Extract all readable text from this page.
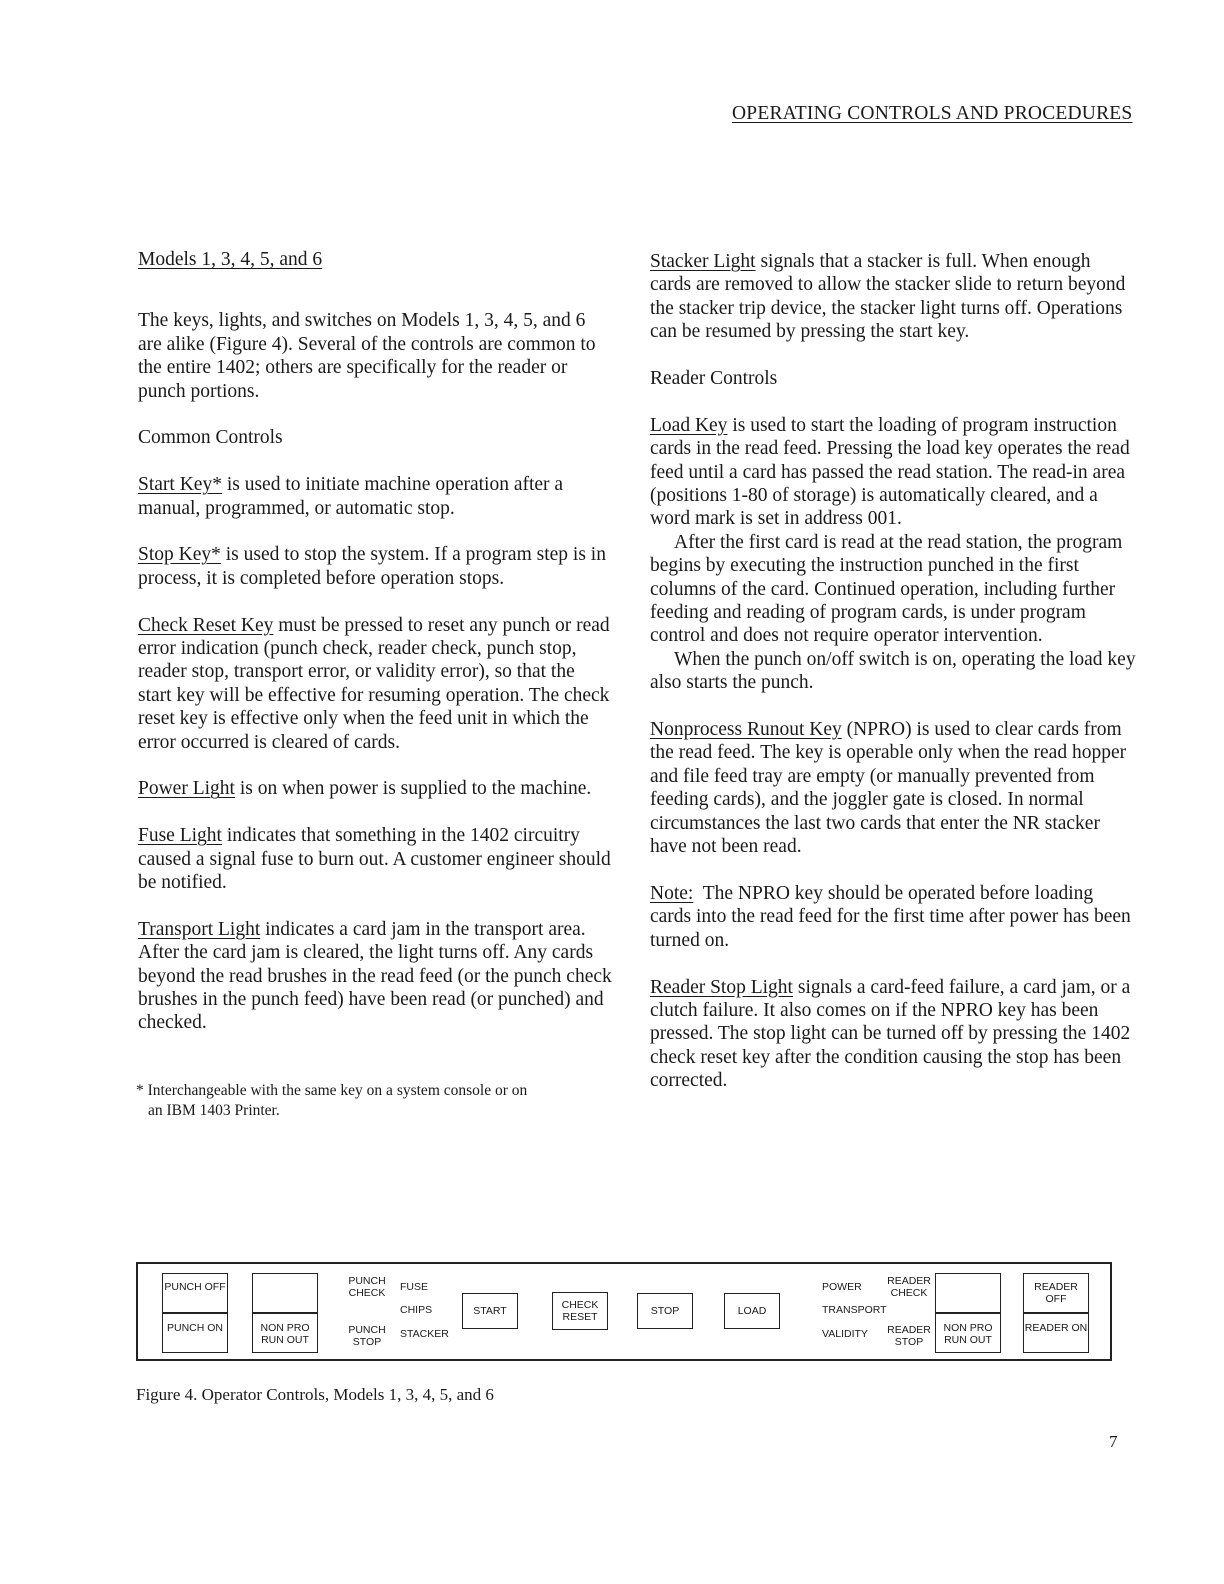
OPERATING CONTROLS AND PROCEDURES

Models 1, 3, 4, 5, and 6

The keys, lights, and switches on Models 1, 3, 4, 5, and 6 are alike (Figure 4). Several of the controls are common to the entire 1402; others are specifically for the reader or punch portions.

Common Controls

Start Key* is used to initiate machine operation after a manual, programmed, or automatic stop.

Stop Key* is used to stop the system. If a program step is in process, it is completed before operation stops.

Check Reset Key must be pressed to reset any punch or read error indication (punch check, reader check, punch stop, reader stop, transport error, or validity error), so that the start key will be effective for resuming operation. The check reset key is effective only when the feed unit in which the error occurred is cleared of cards.

Power Light is on when power is supplied to the machine.

Fuse Light indicates that something in the 1402 circuitry caused a signal fuse to burn out. A customer engineer should be notified.

Transport Light indicates a card jam in the transport area. After the card jam is cleared, the light turns off. Any cards beyond the read brushes in the read feed (or the punch check brushes in the punch feed) have been read (or punched) and checked.

* Interchangeable with the same key on a system console or on
an IBM 1403 Printer.

Stacker Light signals that a stacker is full. When enough cards are removed to allow the stacker slide to return beyond the stacker trip device, the stacker light turns off. Operations can be resumed by pressing the start key.

Reader Controls

Load Key is used to start the loading of program instruction cards in the read feed. Pressing the load key operates the read feed until a card has passed the read station. The read-in area (positions 1-80 of storage) is automatically cleared, and a word mark is set in address 001.

After the first card is read at the read station, the program begins by executing the instruction punched in the first columns of the card. Continued operation, including further feeding and reading of program cards, is under program control and does not require operator intervention.

When the punch on/off switch is on, operating the load key also starts the punch.

Nonprocess Runout Key (NPRO) is used to clear cards from the read feed. The key is operable only when the read hopper and file feed tray are empty (or manually prevented from feeding cards), and the joggler gate is closed. In normal circumstances the last two cards that enter the NR stacker have not been read.

Note:  The NPRO key should be operated before loading cards into the read feed for the first time after power has been turned on.

Reader Stop Light signals a card-feed failure, a card jam, or a clutch failure. It also comes on if the NPRO key has been pressed. The stop light can be turned off by pressing the 1402 check reset key after the condition causing the stop has been corrected.

PUNCH OFF
PUNCH ON	NON PRO RUN OUT
PUNCH CHECK
PUNCH STOP
FUSE
CHIPS
STACKER
START	CHECK RESET	STOP	LOAD
POWER
TRANSPORT
VALIDITY
READER CHECK
READER STOP
NON PRO RUN OUT
READER OFF
READER ON
Figure 4. Operator Controls, Models 1, 3, 4, 5, and 6
7
